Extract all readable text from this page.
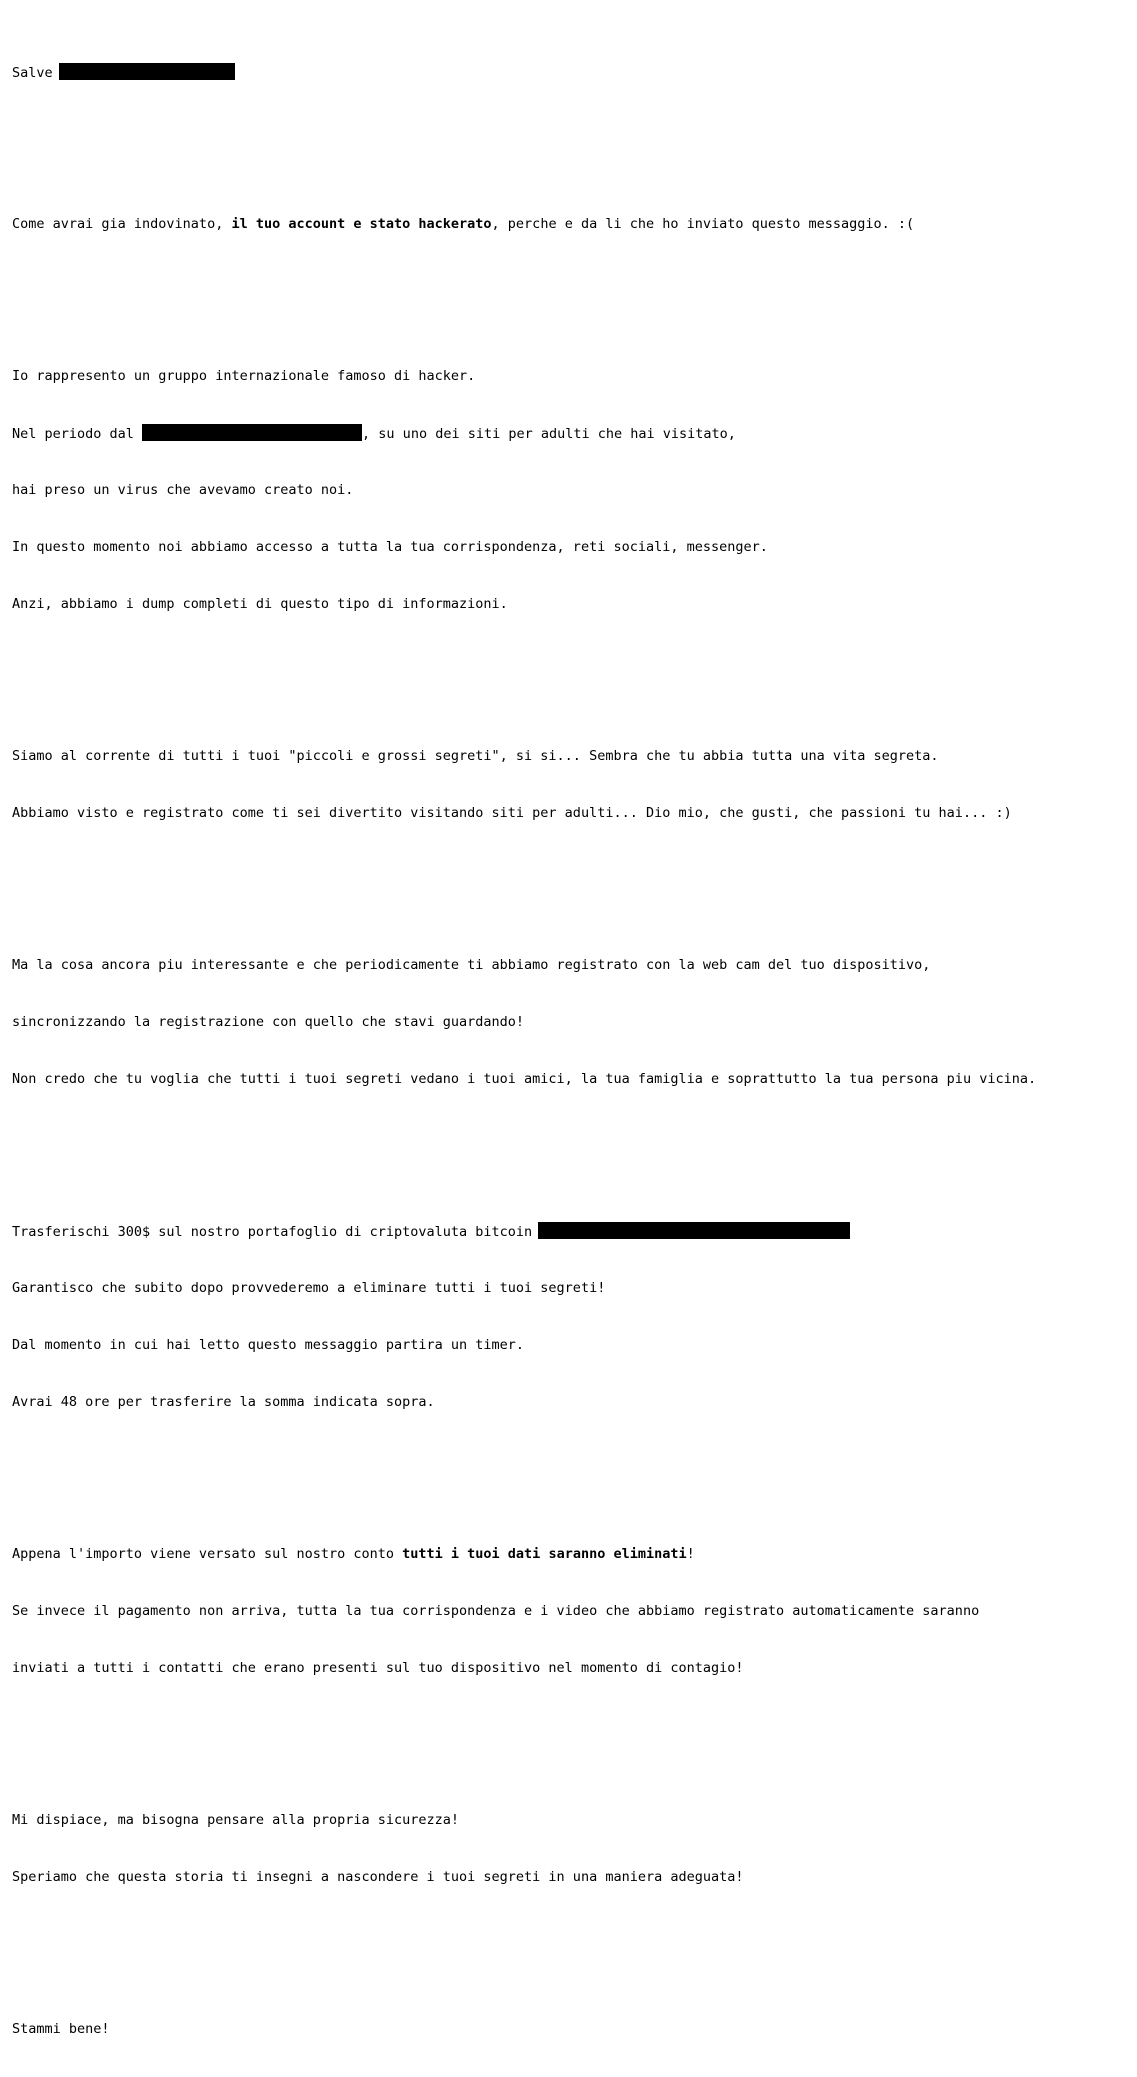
Salve

Come avrai gia indovinato, il tuo account e stato hackerato, perche e da li che ho inviato questo messaggio. :(

Io rappresento un gruppo internazionale famoso di hacker.

Nel periodo dal	, su uno dei siti per adulti che hai visitato,

hai preso un virus che avevamo creato noi.

In questo momento noi abbiamo accesso a tutta la tua corrispondenza, reti sociali, messenger.

Anzi, abbiamo i dump completi di questo tipo di informazioni.

Siamo al corrente di tutti i tuoi "piccoli e grossi segreti", si si... Sembra che tu abbia tutta una vita segreta.

Abbiamo visto e registrato come ti sei divertito visitando siti per adulti... Dio mio, che gusti, che passioni tu hai... :)

Ma la cosa ancora piu interessante e che periodicamente ti abbiamo registrato con la web cam del tuo dispositivo,

sincronizzando la registrazione con quello che stavi guardando!

Non credo che tu voglia che tutti i tuoi segreti vedano i tuoi amici, la tua famiglia e soprattutto la tua persona piu vicina.

Trasferischi 300$ sul nostro portafoglio di criptovaluta bitcoin

Garantisco che subito dopo provvederemo a eliminare tutti i tuoi segreti!

Dal momento in cui hai letto questo messaggio partira un timer.

Avrai 48 ore per trasferire la somma indicata sopra.

Appena l'importo viene versato sul nostro conto tutti i tuoi dati saranno eliminati!

Se invece il pagamento non arriva, tutta la tua corrispondenza e i video che abbiamo registrato automaticamente saranno

inviati a tutti i contatti che erano presenti sul tuo dispositivo nel momento di contagio!

Mi dispiace, ma bisogna pensare alla propria sicurezza!

Speriamo che questa storia ti insegni a nascondere i tuoi segreti in una maniera adeguata!

Stammi bene!
